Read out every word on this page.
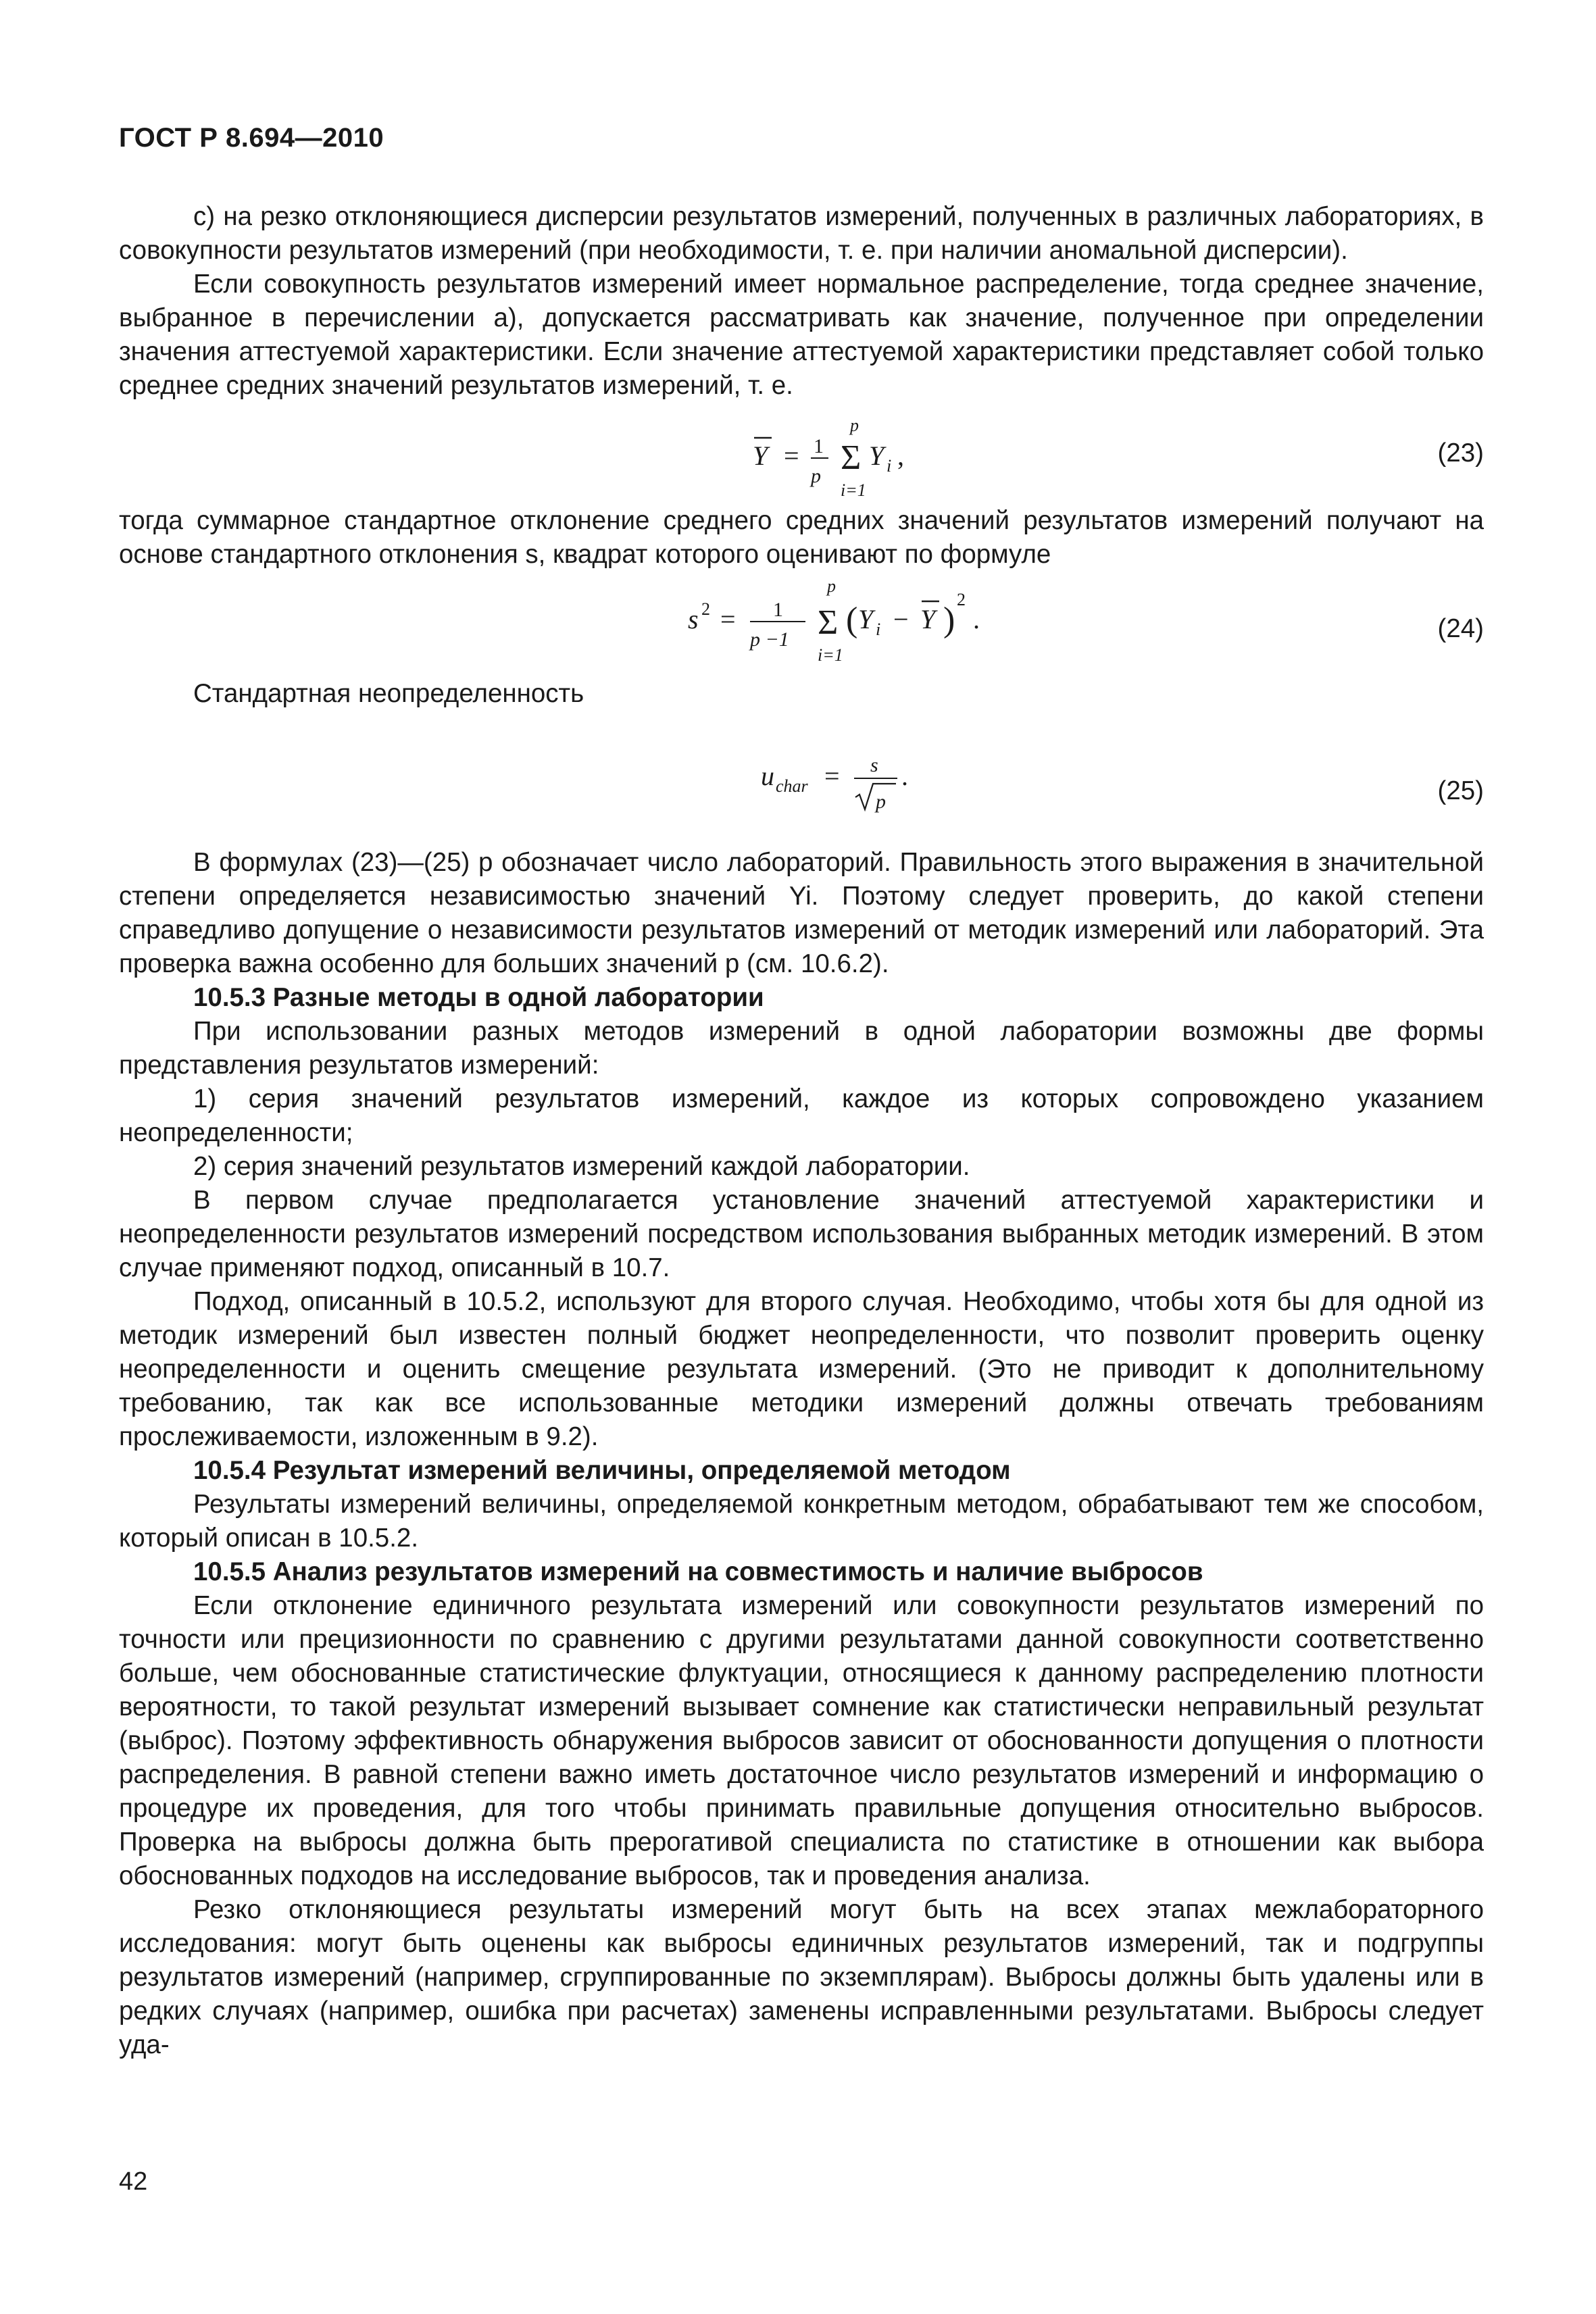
ГОСТ Р 8.694—2010

с) на резко отклоняющиеся дисперсии результатов измерений, полученных в различных лабораториях, в совокупности результатов измерений (при необходимости, т. е. при наличии аномальной дисперсии).

Если совокупность результатов измерений имеет нормальное распределение, тогда среднее значение, выбранное в перечислении а), допускается рассматривать как значение, полученное при определении значения аттестуемой характеристики. Если значение аттестуемой характеристики представляет собой только среднее средних значений результатов измерений, т. е.

Y = 1
p
p
Σ
i=1
Y i ,	(23)

тогда суммарное стандартное отклонение среднего средних значений результатов измерений получают на основе стандартного отклонения s, квадрат которого оценивают по формуле

s 2 = 1
p −1
p
Σ
i=1
( Y i − Y )
2
.	(24)

Стандартная неопределенность

u char = s
p
.	(25)

В формулах (23)—(25) p обозначает число лабораторий. Правильность этого выражения в значительной степени определяется независимостью значений Yi. Поэтому следует проверить, до какой степени справедливо допущение о независимости результатов измерений от методик измерений или лабораторий. Эта проверка важна особенно для больших значений p (см. 10.6.2).

10.5.3 Разные методы в одной лаборатории

При использовании разных методов измерений в одной лаборатории возможны две формы представления результатов измерений:

1) серия значений результатов измерений, каждое из которых сопровождено указанием неопределенности;

2) серия значений результатов измерений каждой лаборатории.

В первом случае предполагается установление значений аттестуемой характеристики и неопределенности результатов измерений посредством использования выбранных методик измерений. В этом случае применяют подход, описанный в 10.7.

Подход, описанный в 10.5.2, используют для второго случая. Необходимо, чтобы хотя бы для одной из методик измерений был известен полный бюджет неопределенности, что позволит проверить оценку неопределенности и оценить смещение результата измерений. (Это не приводит к дополнительному требованию, так как все использованные методики измерений должны отвечать требованиям прослеживаемости, изложенным в 9.2).

10.5.4 Результат измерений величины, определяемой методом

Результаты измерений величины, определяемой конкретным методом, обрабатывают тем же способом, который описан в 10.5.2.

10.5.5 Анализ результатов измерений на совместимость и наличие выбросов

Если отклонение единичного результата измерений или совокупности результатов измерений по точности или прецизионности по сравнению с другими результатами данной совокупности соответственно больше, чем обоснованные статистические флуктуации, относящиеся к данному распределению плотности вероятности, то такой результат измерений вызывает сомнение как статистически неправильный результат (выброс). Поэтому эффективность обнаружения выбросов зависит от обоснованности допущения о плотности распределения. В равной степени важно иметь достаточное число результатов измерений и информацию о процедуре их проведения, для того чтобы принимать правильные допущения относительно выбросов. Проверка на выбросы должна быть прерогативой специалиста по статистике в отношении как выбора обоснованных подходов на исследование выбросов, так и проведения анализа.

Резко отклоняющиеся результаты измерений могут быть на всех этапах межлабораторного исследования: могут быть оценены как выбросы единичных результатов измерений, так и подгруппы результатов измерений (например, сгруппированные по экземплярам). Выбросы должны быть удалены или в редких случаях (например, ошибка при расчетах) заменены исправленными результатами. Выбросы следует уда-

42
